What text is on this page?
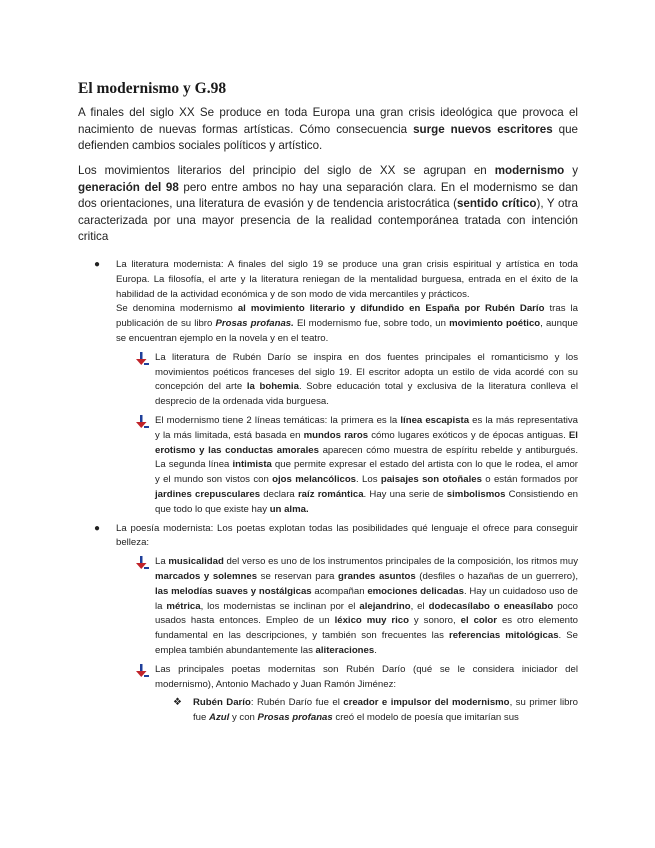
El modernismo y G.98

A finales del siglo XX Se produce en toda Europa una gran crisis ideológica que provoca el nacimiento de nuevas formas artísticas. Cómo consecuencia surge nuevos escritores que defienden cambios sociales políticos y artístico.

Los movimientos literarios del principio del siglo de XX se agrupan en modernismo y generación del 98 pero entre ambos no hay una separación clara. En el modernismo se dan dos orientaciones, una literatura de evasión y de tendencia aristocrática (sentido crítico), Y otra caracterizada por una mayor presencia de la realidad contemporánea tratada con intención critica

● La literatura modernista: A finales del siglo 19 se produce una gran crisis espiritual y artística en toda Europa. La filosofía, el arte y la literatura reniegan de la mentalidad burguesa, entrada en el éxito de la habilidad de la actividad económica y de son modo de vida mercantiles y prácticos.

Se denomina modernismo al movimiento literario y difundido en España por Rubén Darío tras la publicación de su libro Prosas profanas. El modernismo fue, sobre todo, un movimiento poético, aunque se encuentran ejemplo en la novela y en el teatro.

La literatura de Rubén Darío se inspira en dos fuentes principales el romanticismo y los movimientos poéticos franceses del siglo 19. El escritor adopta un estilo de vida acordé con su concepción del arte la bohemia. Sobre educación total y exclusiva de la literatura conlleva el desprecio de la ordenada vida burguesa.

El modernismo tiene 2 líneas temáticas: la primera es la línea escapista es la más representativa y la más limitada, está basada en mundos raros cómo lugares exóticos y de épocas antiguas. El erotismo y las conductas amorales aparecen cómo muestra de espíritu rebelde y antiburgués. La segunda línea intimista que permite expresar el estado del artista con lo que le rodea, el amor y el mundo son vistos con ojos melancólicos. Los paisajes son otoñales o están formados por jardines crepusculares declara raíz romántica. Hay una serie de simbolismos Consistiendo en que todo lo que existe hay un alma.

● La poesía modernista: Los poetas explotan todas las posibilidades qué lenguaje el ofrece para conseguir belleza:

La musicalidad del verso es uno de los instrumentos principales de la composición, los ritmos muy marcados y solemnes se reservan para grandes asuntos (desfiles o hazañas de un guerrero), las melodías suaves y nostálgicas acompañan emociones delicadas. Hay un cuidadoso uso de la métrica, los modernistas se inclinan por el alejandrino, el dodecasílabo o eneasílabo poco usados hasta entonces. Empleo de un léxico muy rico y sonoro, el color es otro elemento fundamental en las descripciones, y también son frecuentes las referencias mitológicas. Se emplea también abundantemente las aliteraciones.

Las principales poetas modernitas son Rubén Darío (qué se le considera iniciador del modernismo), Antonio Machado y Juan Ramón Jiménez:

❖ Rubén Darío: Rubén Darío fue el creador e impulsor del modernismo, su primer libro fue Azul y con Prosas profanas creó el modelo de poesía que imitarían sus
